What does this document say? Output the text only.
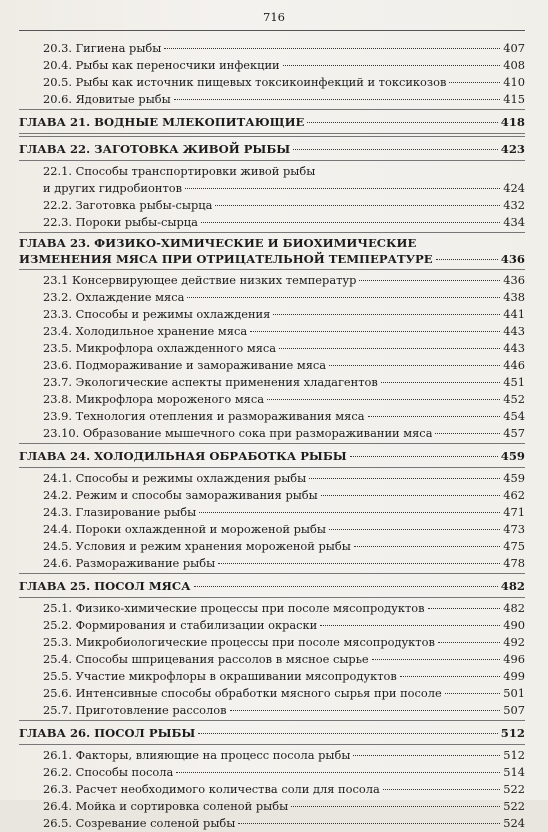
716
20.3. Гигиена рыбы	407
20.4. Рыбы как переносчики инфекции	408
20.5. Рыбы как источник пищевых токсикоинфекций и токсикозов	410
20.6. Ядовитые рыбы	415
ГЛАВА 21. ВОДНЫЕ МЛЕКОПИТАЮЩИЕ	418
ГЛАВА 22. ЗАГОТОВКА ЖИВОЙ РЫБЫ	423
22.1. Способы транспортировки живой рыбы
и других гидробионтов	424
22.2. Заготовка рыбы-сырца	432
22.3. Пороки рыбы-сырца	434
ГЛАВА 23. ФИЗИКО-ХИМИЧЕСКИЕ И БИОХИМИЧЕСКИЕ
ИЗМЕНЕНИЯ МЯСА ПРИ ОТРИЦАТЕЛЬНОЙ ТЕМПЕРАТУРЕ	436
23.1 Консервирующее действие низких температур	436
23.2. Охлаждение мяса	438
23.3. Способы и режимы охлаждения	441
23.4. Холодильное хранение мяса	443
23.5. Микрофлора охлажденного мяса	443
23.6. Подмораживание и замораживание мяса	446
23.7. Экологические аспекты применения хладагентов	451
23.8. Микрофлора мороженого мяса	452
23.9. Технология отепления и размораживания мяса	454
23.10. Образование мышечного сока при размораживании мяса	457
ГЛАВА 24. ХОЛОДИЛЬНАЯ ОБРАБОТКА РЫБЫ	459
24.1. Способы и режимы охлаждения рыбы	459
24.2. Режим и способы замораживания рыбы	462
24.3. Глазирование рыбы	471
24.4. Пороки охлажденной и мороженой рыбы	473
24.5. Условия и режим хранения мороженой рыбы	475
24.6. Размораживание рыбы	478
ГЛАВА 25. ПОСОЛ МЯСА	482
25.1. Физико-химические процессы при посоле мясопродуктов	482
25.2. Формирования и стабилизации окраски	490
25.3. Микробиологические процессы при посоле мясопродуктов	492
25.4. Способы шприцевания рассолов в мясное сырье	496
25.5. Участие микрофлоры в окрашивании мясопродуктов	499
25.6. Интенсивные способы обработки мясного сырья при посоле	501
25.7. Приготовление рассолов	507
ГЛАВА 26. ПОСОЛ РЫБЫ	512
26.1. Факторы, влияющие на процесс посола рыбы	512
26.2. Способы посола	514
26.3. Расчет необходимого количества соли для посола	522
26.4. Мойка и сортировка соленой рыбы	522
26.5. Созревание соленой рыбы	524
